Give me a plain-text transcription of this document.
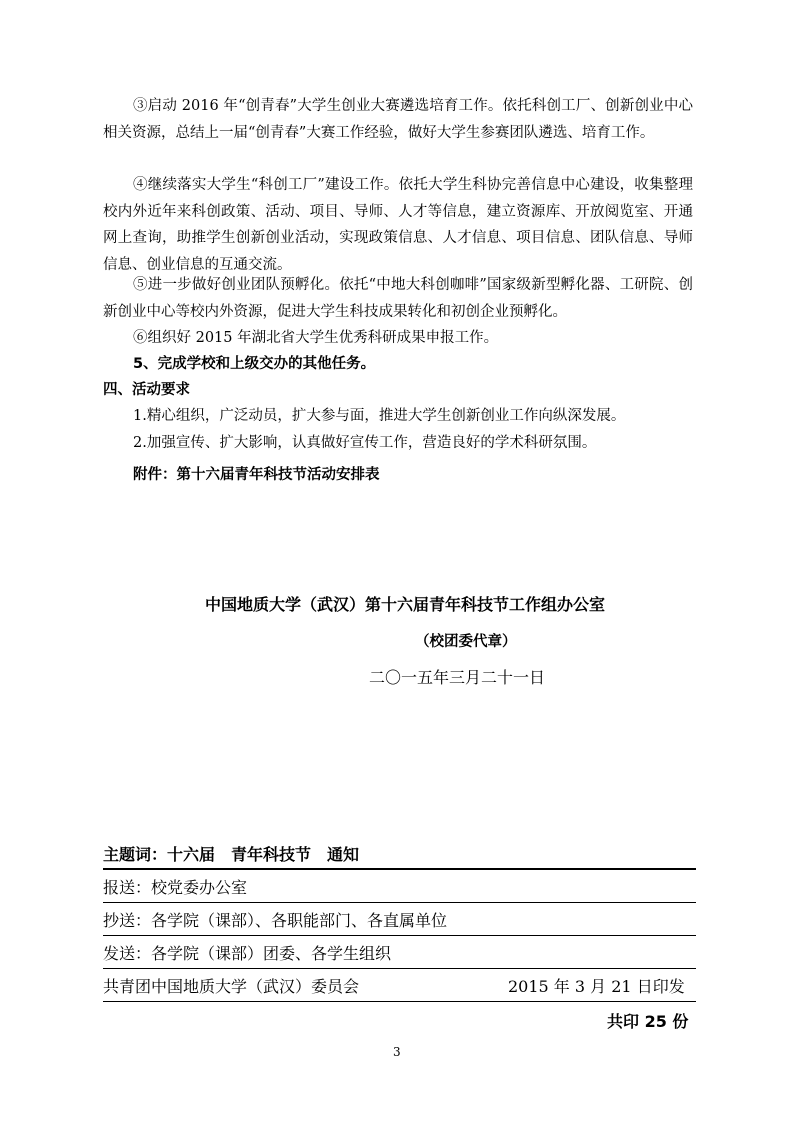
③启动 2016 年“创青春”大学生创业大赛遴选培育工作。依托科创工厂、创新创业中心相关资源，总结上一届“创青春”大赛工作经验，做好大学生参赛团队遴选、培育工作。

④继续落实大学生“科创工厂”建设工作。依托大学生科协完善信息中心建设，收集整理校内外近年来科创政策、活动、项目、导师、人才等信息，建立资源库、开放阅览室、开通网上查询，助推学生创新创业活动，实现政策信息、人才信息、项目信息、团队信息、导师信息、创业信息的互通交流。

⑤进一步做好创业团队预孵化。依托“中地大科创咖啡”国家级新型孵化器、工研院、创新创业中心等校内外资源，促进大学生科技成果转化和初创企业预孵化。

⑥组织好 2015 年湖北省大学生优秀科研成果申报工作。

5、完成学校和上级交办的其他任务。
四、活动要求
1.精心组织，广泛动员，扩大参与面，推进大学生创新创业工作向纵深发展。
2.加强宣传、扩大影响，认真做好宣传工作，营造良好的学术科研氛围。
附件：第十六届青年科技节活动安排表
中国地质大学（武汉）第十六届青年科技节工作组办公室
（校团委代章）
二〇一五年三月二十一日
主题词：十六届　青年科技节　通知
报送：校党委办公室
抄送：各学院（课部）、各职能部门、各直属单位
发送：各学院（课部）团委、各学生组织
共青团中国地质大学（武汉）委员会	2015 年 3 月 21 日印发
共印 25 份
3
